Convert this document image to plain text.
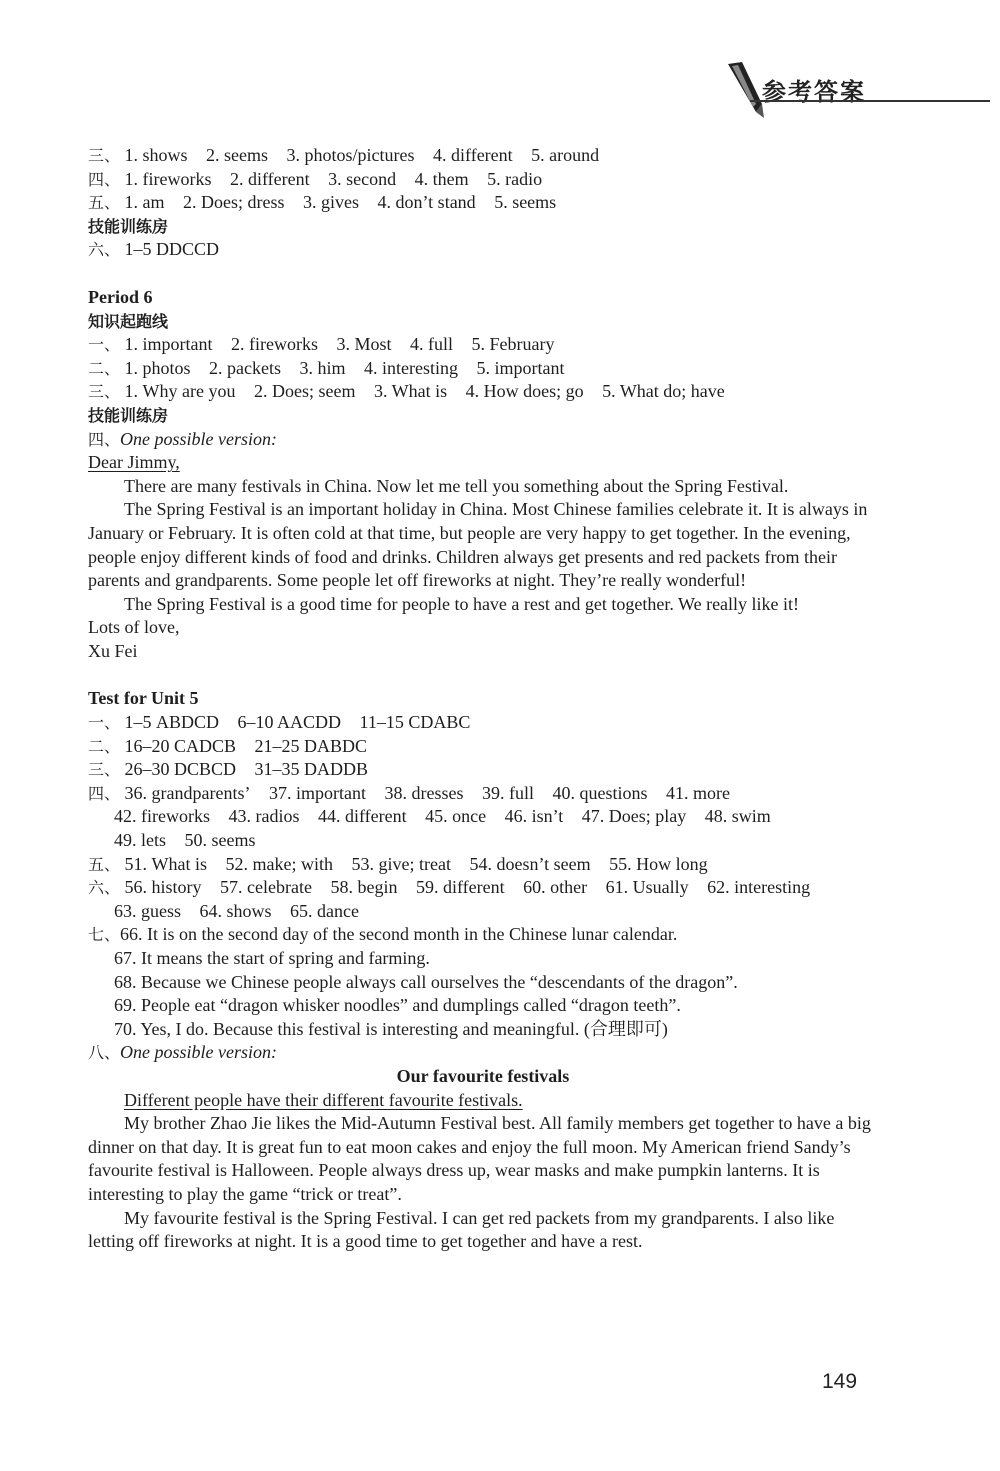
参考答案
三、 1. shows 2. seems 3. photos/pictures 4. different 5. around
四、 1. fireworks 2. different 3. second 4. them 5. radio
五、 1. am 2. Does; dress 3. gives 4. don’t stand 5. seems
技能训练房
六、 1–5 DDCCD
Period 6
知识起跑线
一、 1. important 2. fireworks 3. Most 4. full 5. February
二、 1. photos 2. packets 3. him 4. interesting 5. important
三、 1. Why are you 2. Does; seem 3. What is 4. How does; go 5. What do; have
技能训练房
四、One possible version:
Dear Jimmy,
There are many festivals in China. Now let me tell you something about the Spring Festival.
The Spring Festival is an important holiday in China. Most Chinese families celebrate it. It is always in January or February. It is often cold at that time, but people are very happy to get together. In the evening, people enjoy different kinds of food and drinks. Children always get presents and red packets from their parents and grandparents. Some people let off fireworks at night. They’re really wonderful!
The Spring Festival is a good time for people to have a rest and get together. We really like it!
Lots of love,
Xu Fei
Test for Unit 5
一、 1–5 ABDCD 6–10 AACDD 11–15 CDABC
二、 16–20 CADCB 21–25 DABDC
三、 26–30 DCBCD 31–35 DADDB
四、 36. grandparents’ 37. important 38. dresses 39. full 40. questions 41. more
42. fireworks 43. radios 44. different 45. once 46. isn’t 47. Does; play 48. swim
49. lets 50. seems
五、 51. What is 52. make; with 53. give; treat 54. doesn’t seem 55. How long
六、 56. history 57. celebrate 58. begin 59. different 60. other 61. Usually 62. interesting
63. guess 64. shows 65. dance
七、66. It is on the second day of the second month in the Chinese lunar calendar.
67. It means the start of spring and farming.
68. Because we Chinese people always call ourselves the “descendants of the dragon”.
69. People eat “dragon whisker noodles” and dumplings called “dragon teeth”.
70. Yes, I do. Because this festival is interesting and meaningful. (合理即可)
八、One possible version:
Our favourite festivals
Different people have their different favourite festivals.
My brother Zhao Jie likes the Mid-Autumn Festival best. All family members get together to have a big dinner on that day. It is great fun to eat moon cakes and enjoy the full moon. My American friend Sandy’s favourite festival is Halloween. People always dress up, wear masks and make pumpkin lanterns. It is interesting to play the game “trick or treat”.
My favourite festival is the Spring Festival. I can get red packets from my grandparents. I also like letting off fireworks at night. It is a good time to get together and have a rest.
149
